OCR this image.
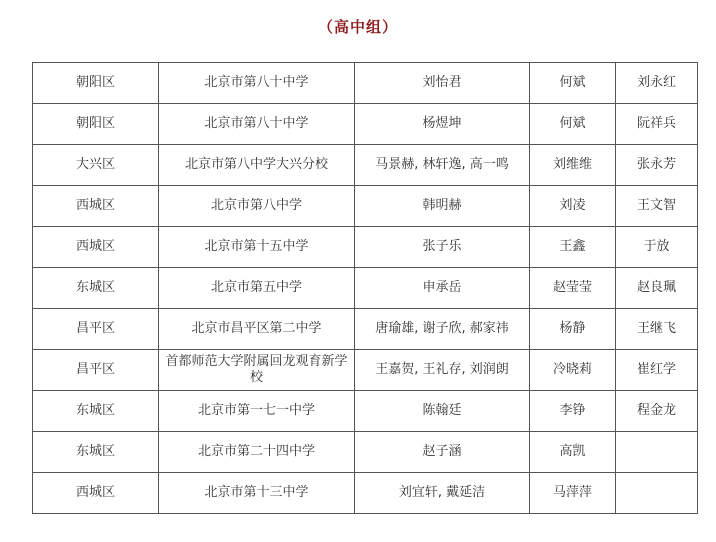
（高中组）
朝阳区	北京市第八十中学	刘怡君	何斌	刘永红
朝阳区	北京市第八十中学	杨煜坤	何斌	阮祥兵
大兴区	北京市第八中学大兴分校	马景赫, 林轩逸, 高一鸣	刘维维	张永芳
西城区	北京市第八中学	韩明赫	刘凌	王文智
西城区	北京市第十五中学	张子乐	王鑫	于放
东城区	北京市第五中学	申承岳	赵莹莹	赵良珮
昌平区	北京市昌平区第二中学	唐瑜雄, 谢子欣, 郝家祎	杨静	王继飞
昌平区	首都师范大学附属回龙观育新学校	王嘉贺, 王礼存, 刘润朗	冷晓莉	崔红学
东城区	北京市第一七一中学	陈翰廷	李铮	程金龙
东城区	北京市第二十四中学	赵子涵	高凯	
西城区	北京市第十三中学	刘宜轩, 戴延洁	马萍萍	
